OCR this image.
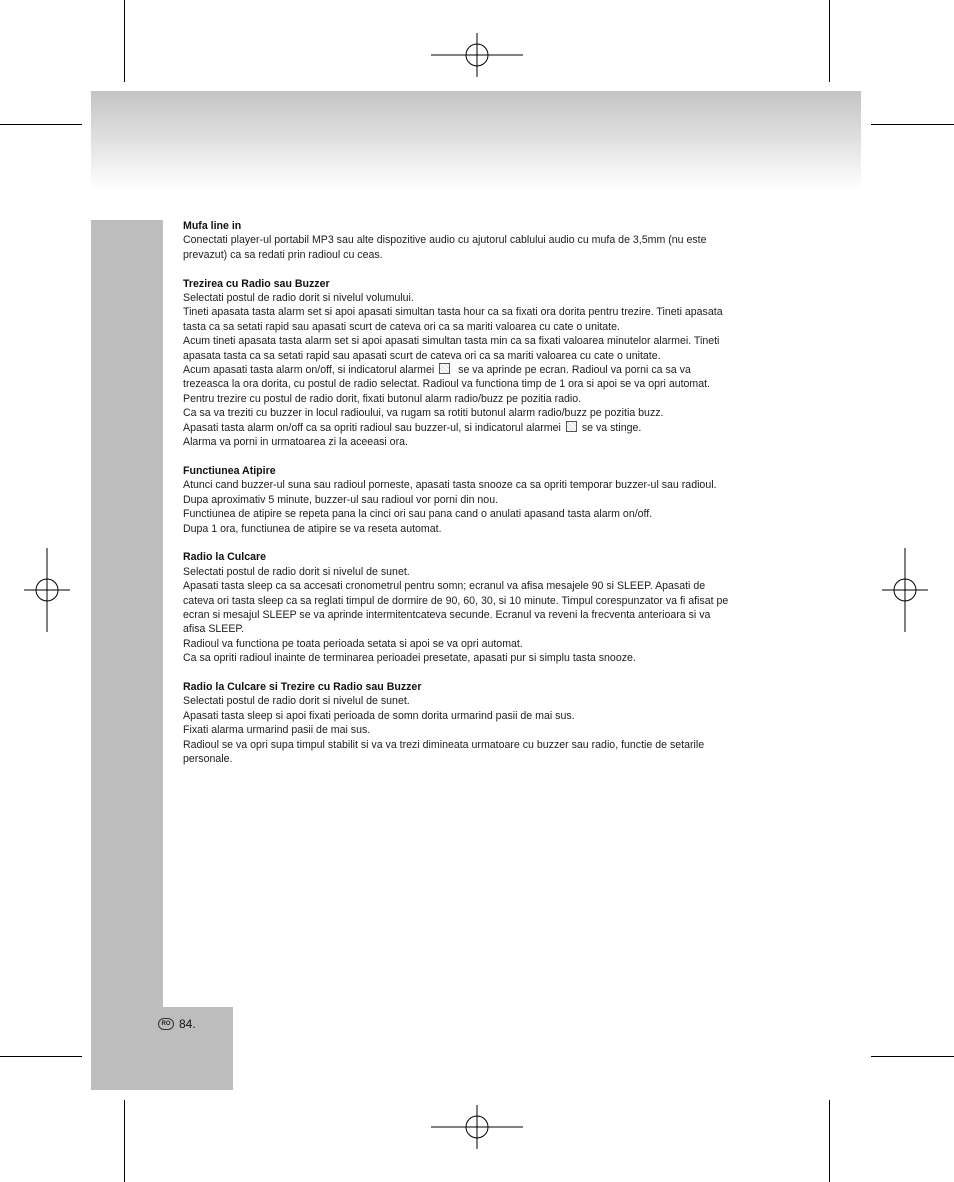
Mufa line in

Conectati player-ul portabil MP3 sau alte dispozitive audio cu ajutorul cablului audio cu mufa de 3,5mm (nu este

prevazut) ca sa redati prin radioul cu ceas.

Trezirea cu Radio sau Buzzer

Selectati postul de radio dorit si nivelul volumului.

Tineti apasata tasta alarm set si apoi apasati simultan tasta hour ca sa fixati ora dorita pentru trezire. Tineti apasata

tasta ca sa setati rapid sau apasati scurt de cateva ori ca sa mariti valoarea cu cate o unitate.

Acum tineti apasata tasta alarm set si apoi apasati simultan tasta min ca sa fixati valoarea minutelor alarmei. Tineti

apasata tasta ca sa setati rapid sau apasati scurt de cateva ori ca sa mariti valoarea cu cate o unitate.

Acum apasati tasta alarm on/off, si indicatorul alarmei se va aprinde pe ecran. Radioul va porni ca sa va

trezeasca la ora dorita, cu postul de radio selectat. Radioul va functiona timp de 1 ora si apoi se va opri automat.

Pentru trezire cu postul de radio dorit, fixati butonul alarm radio/buzz pe pozitia radio.

Ca sa va treziti cu buzzer in locul radioului, va rugam sa rotiti butonul alarm radio/buzz pe pozitia buzz.

Apasati tasta alarm on/off ca sa opriti radioul sau buzzer-ul, si indicatorul alarmei se va stinge.

Alarma va porni in urmatoarea zi la aceeasi ora.

Functiunea Atipire

Atunci cand buzzer-ul suna sau radioul porneste, apasati tasta snooze ca sa opriti temporar buzzer-ul sau radioul.

Dupa aproximativ 5 minute, buzzer-ul sau radioul vor porni din nou.

Functiunea de atipire se repeta pana la cinci ori sau pana cand o anulati apasand tasta alarm on/off.

Dupa 1 ora, functiunea de atipire se va reseta automat.

Radio la Culcare

Selectati postul de radio dorit si nivelul de sunet.

Apasati tasta sleep ca sa accesati cronometrul pentru somn; ecranul va afisa mesajele 90 si SLEEP. Apasati de

cateva ori tasta sleep ca sa reglati timpul de dormire de 90, 60, 30, si 10 minute. Timpul corespunzator va fi afisat pe

ecran si mesajul SLEEP se va aprinde intermitentcateva secunde. Ecranul va reveni la frecventa anterioara si va

afisa SLEEP.

Radioul va functiona pe toata perioada setata si apoi se va opri automat.

Ca sa opriti radioul inainte de terminarea perioadei presetate, apasati pur si simplu tasta snooze.

Radio la Culcare si Trezire cu Radio sau Buzzer

Selectati postul de radio dorit si nivelul de sunet.

Apasati tasta sleep si apoi fixati perioada de somn dorita urmarind pasii de mai sus.

Fixati alarma urmarind pasii de mai sus.

Radioul se va opri supa timpul stabilit si va va trezi dimineata urmatoare cu buzzer sau radio, functie de setarile

personale.

RO 84.
